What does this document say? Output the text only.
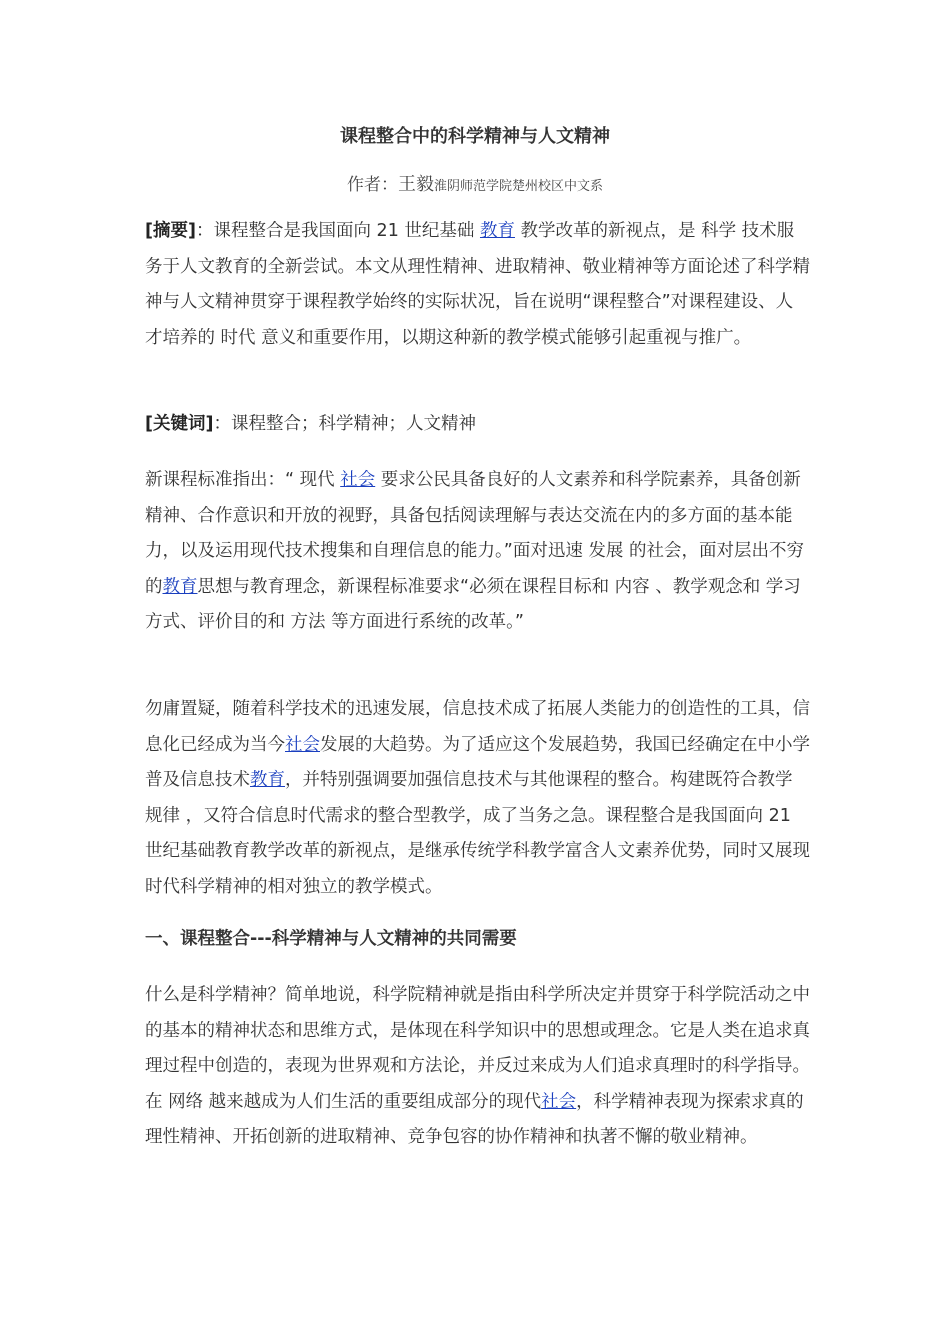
课程整合中的科学精神与人文精神
作者：王毅淮阴师范学院楚州校区中文系

[摘要]：课程整合是我国面向 21 世纪基础 教育 教学改革的新视点，是 科学 技术服务于人文教育的全新尝试。本文从理性精神、进取精神、敬业精神等方面论述了科学精神与人文精神贯穿于课程教学始终的实际状况，旨在说明“课程整合”对课程建设、人才培养的 时代 意义和重要作用，以期这种新的教学模式能够引起重视与推广。

[关键词]：课程整合；科学精神；人文精神

新课程标准指出：“ 现代 社会 要求公民具备良好的人文素养和科学院素养，具备创新精神、合作意识和开放的视野，具备包括阅读理解与表达交流在内的多方面的基本能力，以及运用现代技术搜集和自理信息的能力。”面对迅速 发展 的社会，面对层出不穷的教育思想与教育理念，新课程标准要求“必须在课程目标和 内容 、教学观念和 学习 方式、评价目的和 方法 等方面进行系统的改革。”

勿庸置疑，随着科学技术的迅速发展，信息技术成了拓展人类能力的创造性的工具，信息化已经成为当今社会发展的大趋势。为了适应这个发展趋势，我国已经确定在中小学普及信息技术教育，并特别强调要加强信息技术与其他课程的整合。构建既符合教学 规律 ，又符合信息时代需求的整合型教学，成了当务之急。课程整合是我国面向 21 世纪基础教育教学改革的新视点，是继承传统学科教学富含人文素养优势，同时又展现时代科学精神的相对独立的教学模式。

一、课程整合---科学精神与人文精神的共同需要

什么是科学精神？简单地说，科学院精神就是指由科学所决定并贯穿于科学院活动之中的基本的精神状态和思维方式，是体现在科学知识中的思想或理念。它是人类在追求真理过程中创造的，表现为世界观和方法论，并反过来成为人们追求真理时的科学指导。在 网络 越来越成为人们生活的重要组成部分的现代社会，科学精神表现为探索求真的理性精神、开拓创新的进取精神、竞争包容的协作精神和执著不懈的敬业精神。
